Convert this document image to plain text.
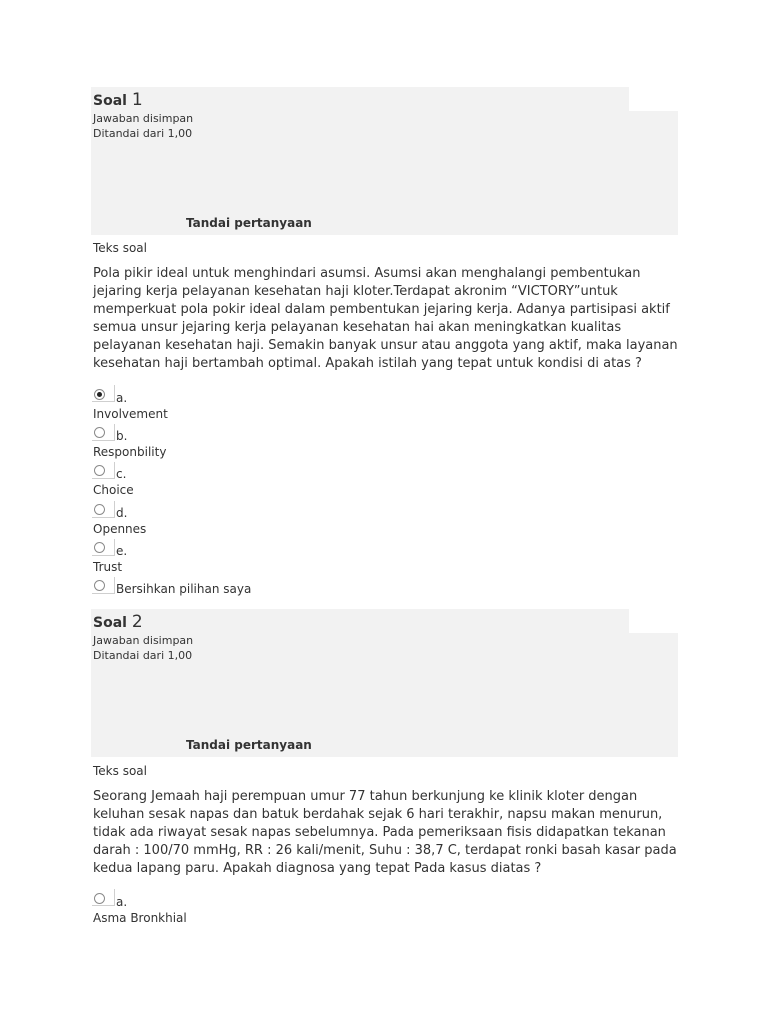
Soal 1
Jawaban disimpan
Ditandai dari 1,00
Tandai pertanyaan
Teks soal
Pola pikir ideal untuk menghindari asumsi. Asumsi akan menghalangi pembentukan jejaring kerja pelayanan kesehatan haji kloter.Terdapat akronim “VICTORY”untuk memperkuat pola pokir ideal dalam pembentukan jejaring kerja. Adanya partisipasi aktif semua unsur jejaring kerja pelayanan kesehatan hai akan meningkatkan kualitas pelayanan kesehatan haji. Semakin banyak unsur atau anggota yang aktif, maka layanan kesehatan haji bertambah optimal. Apakah istilah yang tepat untuk kondisi di atas ?
a.
Involvement
b.
Responbility
c.
Choice
d.
Opennes
e.
Trust
Bersihkan pilihan saya
Soal 2
Jawaban disimpan
Ditandai dari 1,00
Tandai pertanyaan
Teks soal
Seorang Jemaah haji perempuan umur 77 tahun berkunjung ke klinik kloter dengan keluhan sesak napas dan batuk berdahak sejak 6 hari terakhir, napsu makan menurun, tidak ada riwayat sesak napas sebelumnya. Pada pemeriksaan fisis didapatkan tekanan darah : 100/70 mmHg, RR : 26 kali/menit, Suhu : 38,7 C, terdapat ronki basah kasar pada kedua lapang paru. Apakah diagnosa yang tepat Pada kasus diatas ?
a.
Asma Bronkhial
